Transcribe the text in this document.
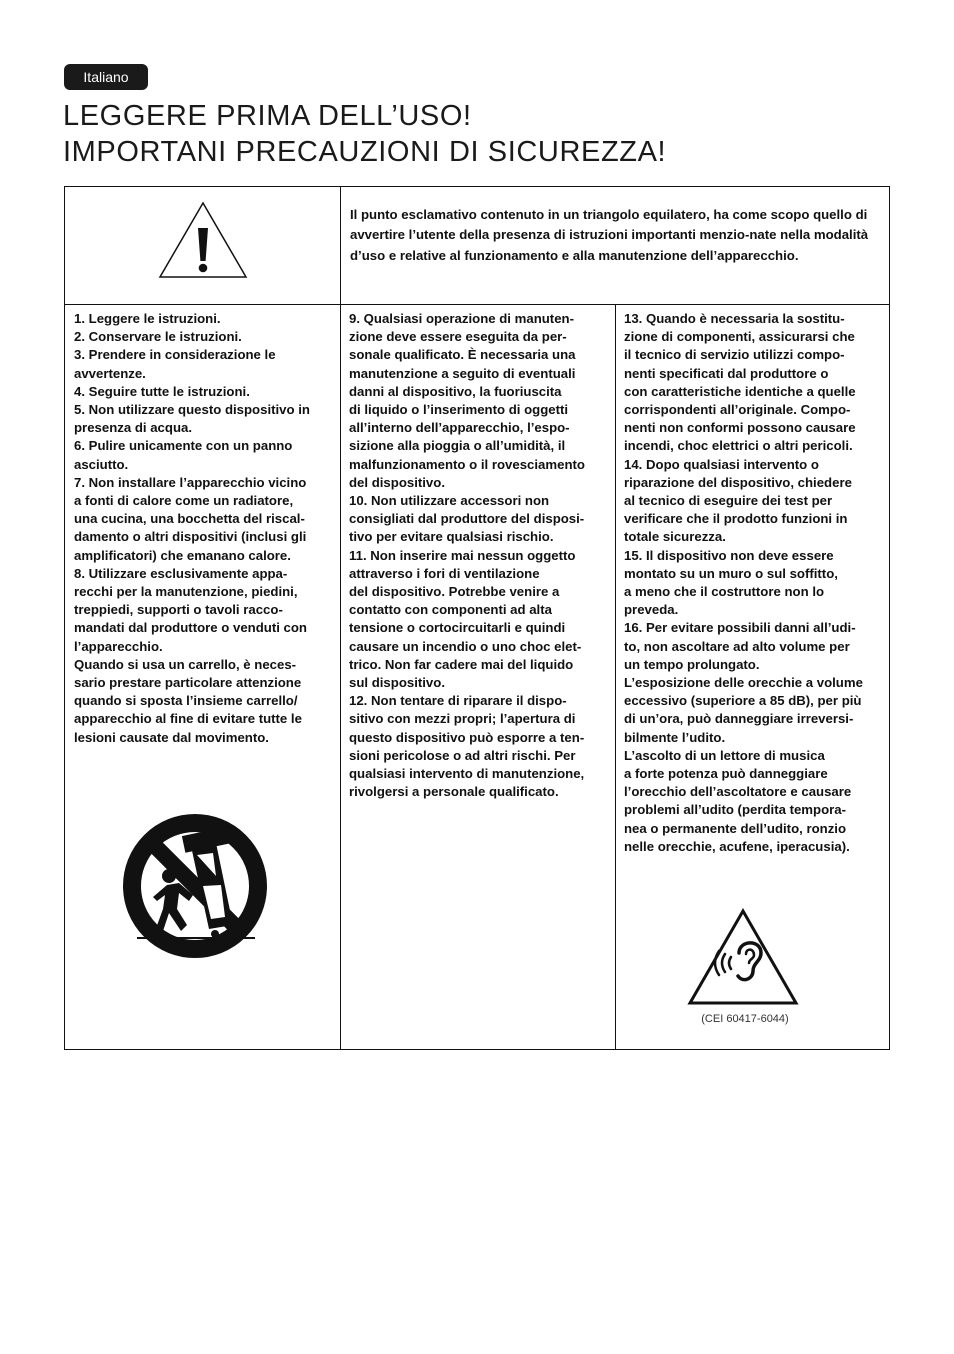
Italiano
LEGGERE PRIMA DELL’USO!
IMPORTANI PRECAUZIONI DI SICUREZZA!

Il punto esclamativo contenuto in un triangolo equilatero, ha come scopo quello di avvertire l’utente della presenza di istruzioni importanti menzio-nate nella modalità d’uso e relative al funzionamento e alla manutenzione dell’apparecchio.

1. Leggere le istruzioni.

2. Conservare le istruzioni.

3. Prendere in considerazione le

avvertenze.

4. Seguire tutte le istruzioni.

5. Non utilizzare questo dispositivo in

presenza di acqua.

6. Pulire unicamente con un panno

asciutto.

7. Non installare l’apparecchio vicino

a fonti di calore come un radiatore,

una cucina, una bocchetta del riscal-

damento o altri dispositivi (inclusi gli

amplificatori) che emanano calore.

8. Utilizzare esclusivamente appa-

recchi per la manutenzione, piedini,

treppiedi, supporti o tavoli racco-

mandati dal produttore o venduti con

l’apparecchio.

Quando si usa un carrello, è neces-

sario prestare particolare attenzione

quando si sposta l’insieme carrello/

apparecchio al fine di evitare tutte le

lesioni causate dal movimento.

9. Qualsiasi operazione di manuten-

zione deve essere eseguita da per-

sonale qualificato. È necessaria una

manutenzione a seguito di eventuali

danni al dispositivo, la fuoriuscita

di liquido o l’inserimento di oggetti

all’interno dell’apparecchio, l’espo-

sizione alla pioggia o all’umidità, il

malfunzionamento o il rovesciamento

del dispositivo.

10. Non utilizzare accessori non

consigliati dal produttore del disposi-

tivo per evitare qualsiasi rischio.

11. Non inserire mai nessun oggetto

attraverso i fori di ventilazione

del dispositivo. Potrebbe venire a

contatto con componenti ad alta

tensione o cortocircuitarli e quindi

causare un incendio o uno choc elet-

trico. Non far cadere mai del liquido

sul dispositivo.

12. Non tentare di riparare il dispo-

sitivo con mezzi propri; l’apertura di

questo dispositivo può esporre a ten-

sioni pericolose o ad altri rischi. Per

qualsiasi intervento di manutenzione,

rivolgersi a personale qualificato.

13. Quando è necessaria la sostitu-

zione di componenti, assicurarsi che

il tecnico di servizio utilizzi compo-

nenti specificati dal produttore o

con caratteristiche identiche a quelle

corrispondenti all’originale. Compo-

nenti non conformi possono causare

incendi, choc elettrici o altri pericoli.

14. Dopo qualsiasi intervento o

riparazione del dispositivo, chiedere

al tecnico di eseguire dei test per

verificare che il prodotto funzioni in

totale sicurezza.

15. Il dispositivo non deve essere

montato su un muro o sul soffitto,

a meno che il costruttore non lo

preveda.

16. Per evitare possibili danni all’udi-

to, non ascoltare ad alto volume per

un tempo prolungato.

L’esposizione delle orecchie a volume

eccessivo (superiore a 85 dB), per più

di un’ora, può danneggiare irreversi-

bilmente l’udito.

L’ascolto di un lettore di musica

a forte potenza può danneggiare

l’orecchio dell’ascoltatore e causare

problemi all’udito (perdita tempora-

nea o permanente dell’udito, ronzio

nelle orecchie, acufene, iperacusia).

(CEI 60417-6044)
